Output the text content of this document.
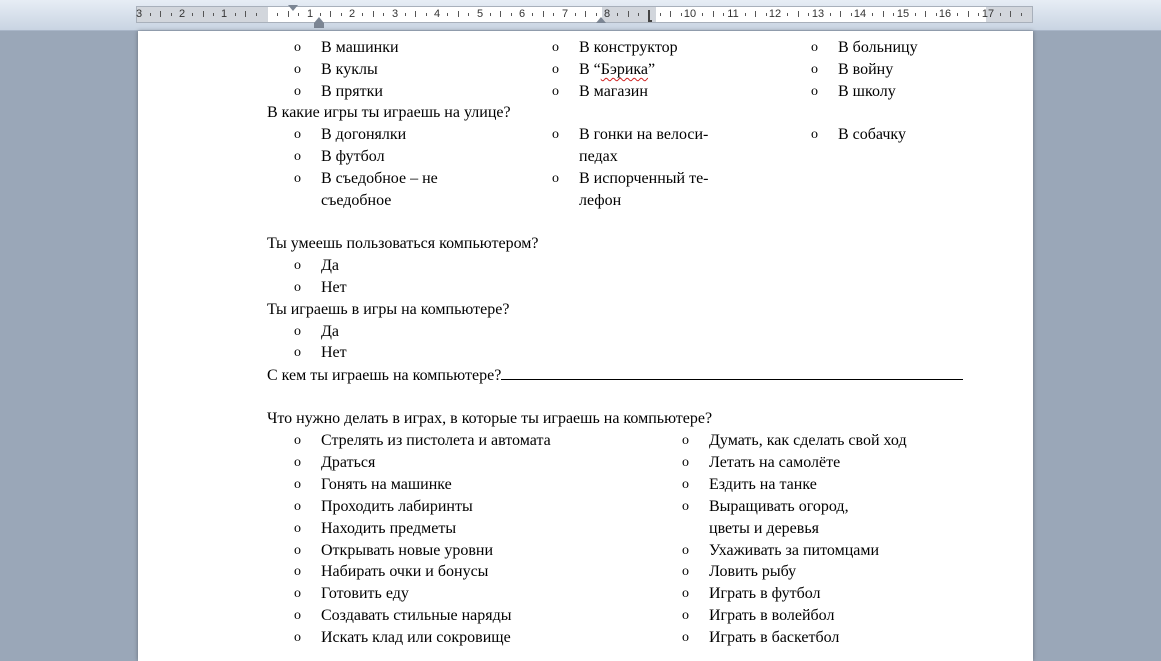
3	2	1	1	2	3	4	5	6	7	8	10	11	12	13	14	15	16	17
o В машинки
o В куклы
o В прятки
o В конструктор
o В “Бэрика”
o В магазин
o В больницу
o В войну
o В школу
В какие игры ты играешь на улице?
o В догонялки
o В футбол
o В съедобное – не
съедобное
o В гонки на велоси-
педах
o В испорченный те-
лефон
o В собачку
Ты умеешь пользоваться компьютером?
o Да
o Нет
Ты играешь в игры на компьютере?
o Да
o Нет
С кем ты играешь на компьютере?
Что нужно делать в играх, в которые ты играешь на компьютере?
o Стрелять из пистолета и автомата
o Драться
o Гонять на машинке
o Проходить лабиринты
o Находить предметы
o Открывать новые уровни
o Набирать очки и бонусы
o Готовить еду
o Создавать стильные наряды
o Искать клад или сокровище
o Думать, как сделать свой ход
o Летать на самолёте
o Ездить на танке
o Выращивать огород,
цветы и деревья
o Ухаживать за питомцами
o Ловить рыбу
o Играть в футбол
o Играть в волейбол
o Играть в баскетбол
